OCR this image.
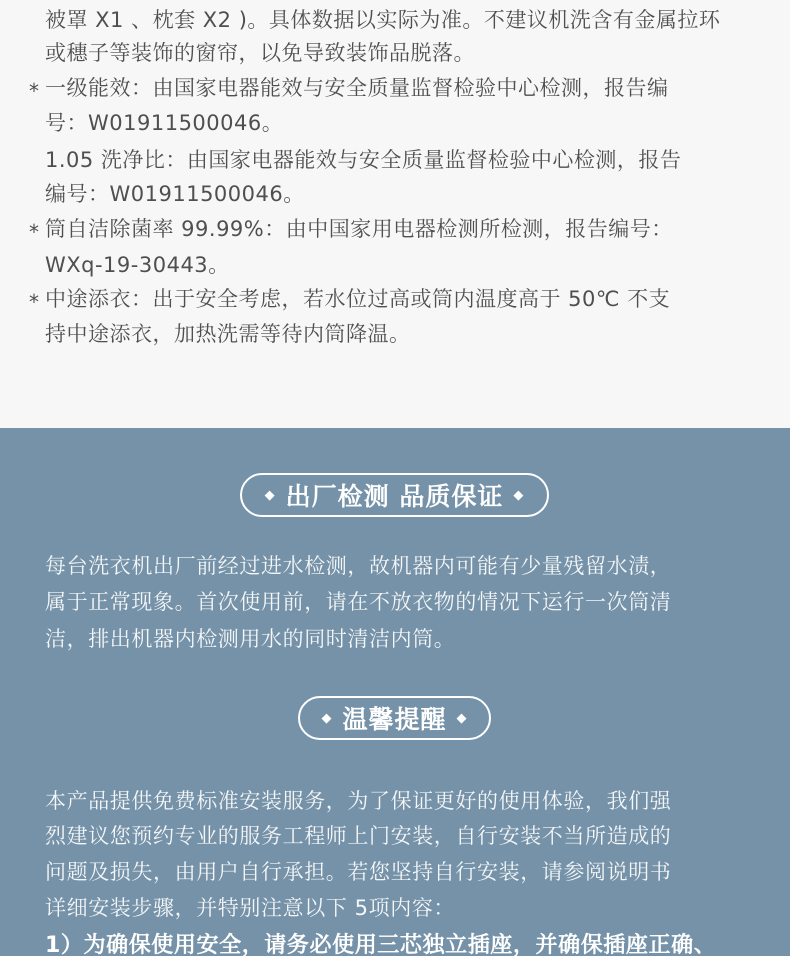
被罩 X1 、枕套 X2 )。具体数据以实际为准。不建议机洗含有金属拉环
或穗子等装饰的窗帘，以免导致装饰品脱落。
* 一级能效：由国家电器能效与安全质量监督检验中心检测，报告编
号：W01911500046。
1.05 洗净比：由国家电器能效与安全质量监督检验中心检测，报告
编号：W01911500046。
* 筒自洁除菌率 99.99%：由中国家用电器检测所检测，报告编号：
WXq-19-30443。
* 中途添衣：出于安全考虑，若水位过高或筒内温度高于 50℃ 不支
持中途添衣，加热洗需等待内筒降温。
◆ 出厂检测 品质保证 ◆
每台洗衣机出厂前经过进水检测，故机器内可能有少量残留水渍，
属于正常现象。首次使用前，请在不放衣物的情况下运行一次筒清
洁，排出机器内检测用水的同时清洁内筒。
◆ 温馨提醒 ◆
本产品提供免费标准安装服务，为了保证更好的使用体验，我们强
烈建议您预约专业的服务工程师上门安装，自行安装不当所造成的
问题及损失，由用户自行承担。若您坚持自行安装，请参阅说明书
详细安装步骤，并特别注意以下 5项内容：
1）为确保使用安全，请务必使用三芯独立插座，并确保插座正确、
